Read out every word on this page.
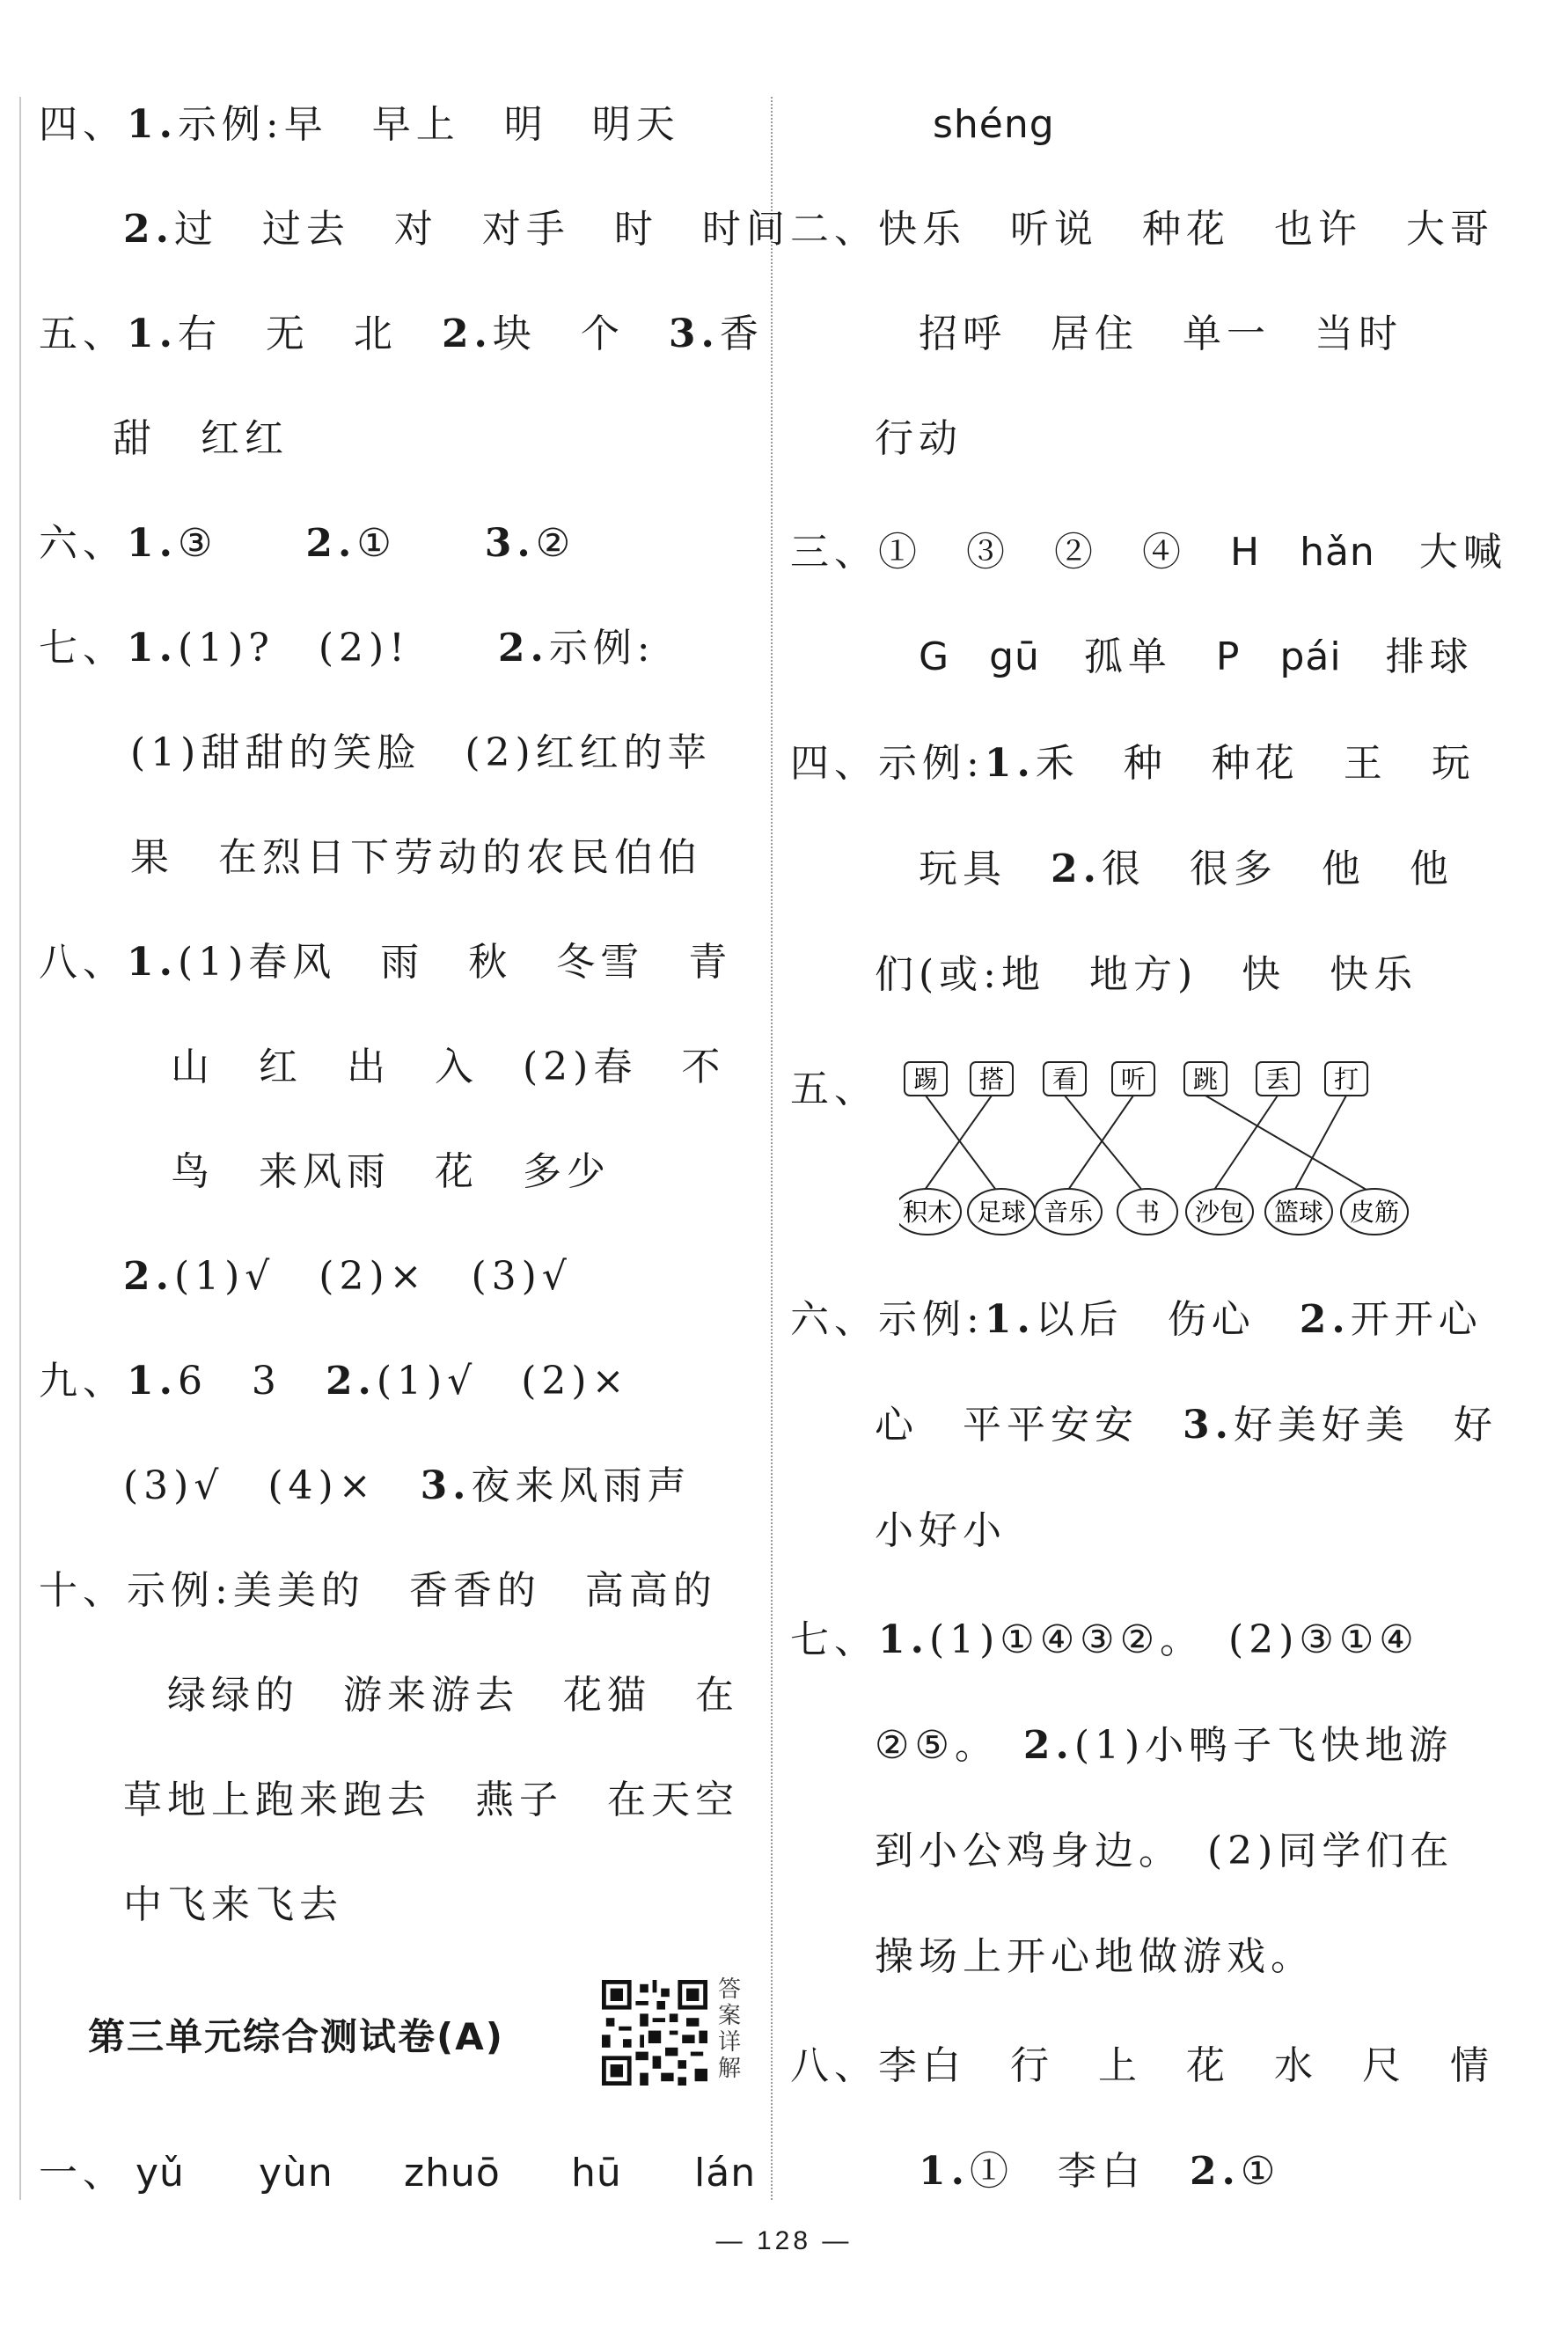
四、1.示例:早　早上　明　明天
2.过　过去　对　对手　时　时间
五、1.右　无　北　 2.块　个　 3.香
甜　红红
六、1.③　　 2.①　　 3.②
七、1.(1)?　(2)!　　 2.示例:
(1)甜甜的笑脸　(2)红红的苹
果　在烈日下劳动的农民伯伯
八、1.(1)春风　雨　秋　冬雪　青
山　红　出　入　(2)春　不
鸟　来风雨　花　多少
2.(1)√　(2)×　(3)√
九、1.6　3　 2.(1)√　(2)×
(3)√　(4)×　 3.夜来风雨声
十、示例:美美的　香香的　高高的
绿绿的　游来游去　花猫　在
草地上跑来跑去　燕子　在天空
中飞来飞去
第三单元综合测试卷(A)
答案详解
一、 yǔ yùn zhuō hū lán
shéng
二、快乐　听说　种花　也许　大哥
招呼　居住　单一　当时
行动
三、①　③　②　④　 H　hǎn　 大喊
G　gū　 孤单　 P　pái　 排球
四、示例:1.禾　种　种花　王　玩
玩具　 2.很　很多　他　他
们(或:地　地方)　快　快乐
五、
六、示例:1.以后　伤心　 2.开开心
心　平平安安　 3.好美好美　好
小好小
七、1.(1)①④③②。　(2)③①④
②⑤。　 2.(1)小鸭子飞快地游
到小公鸡身边。　(2)同学们在
操场上开心地做游戏。
八、李白　行　上　花　水　尺　情
1.①　李白　 2.①
踢 搭 看 听 跳 丢 打
积木 足球 音乐 书 沙包 篮球 皮筋
— 128 —
